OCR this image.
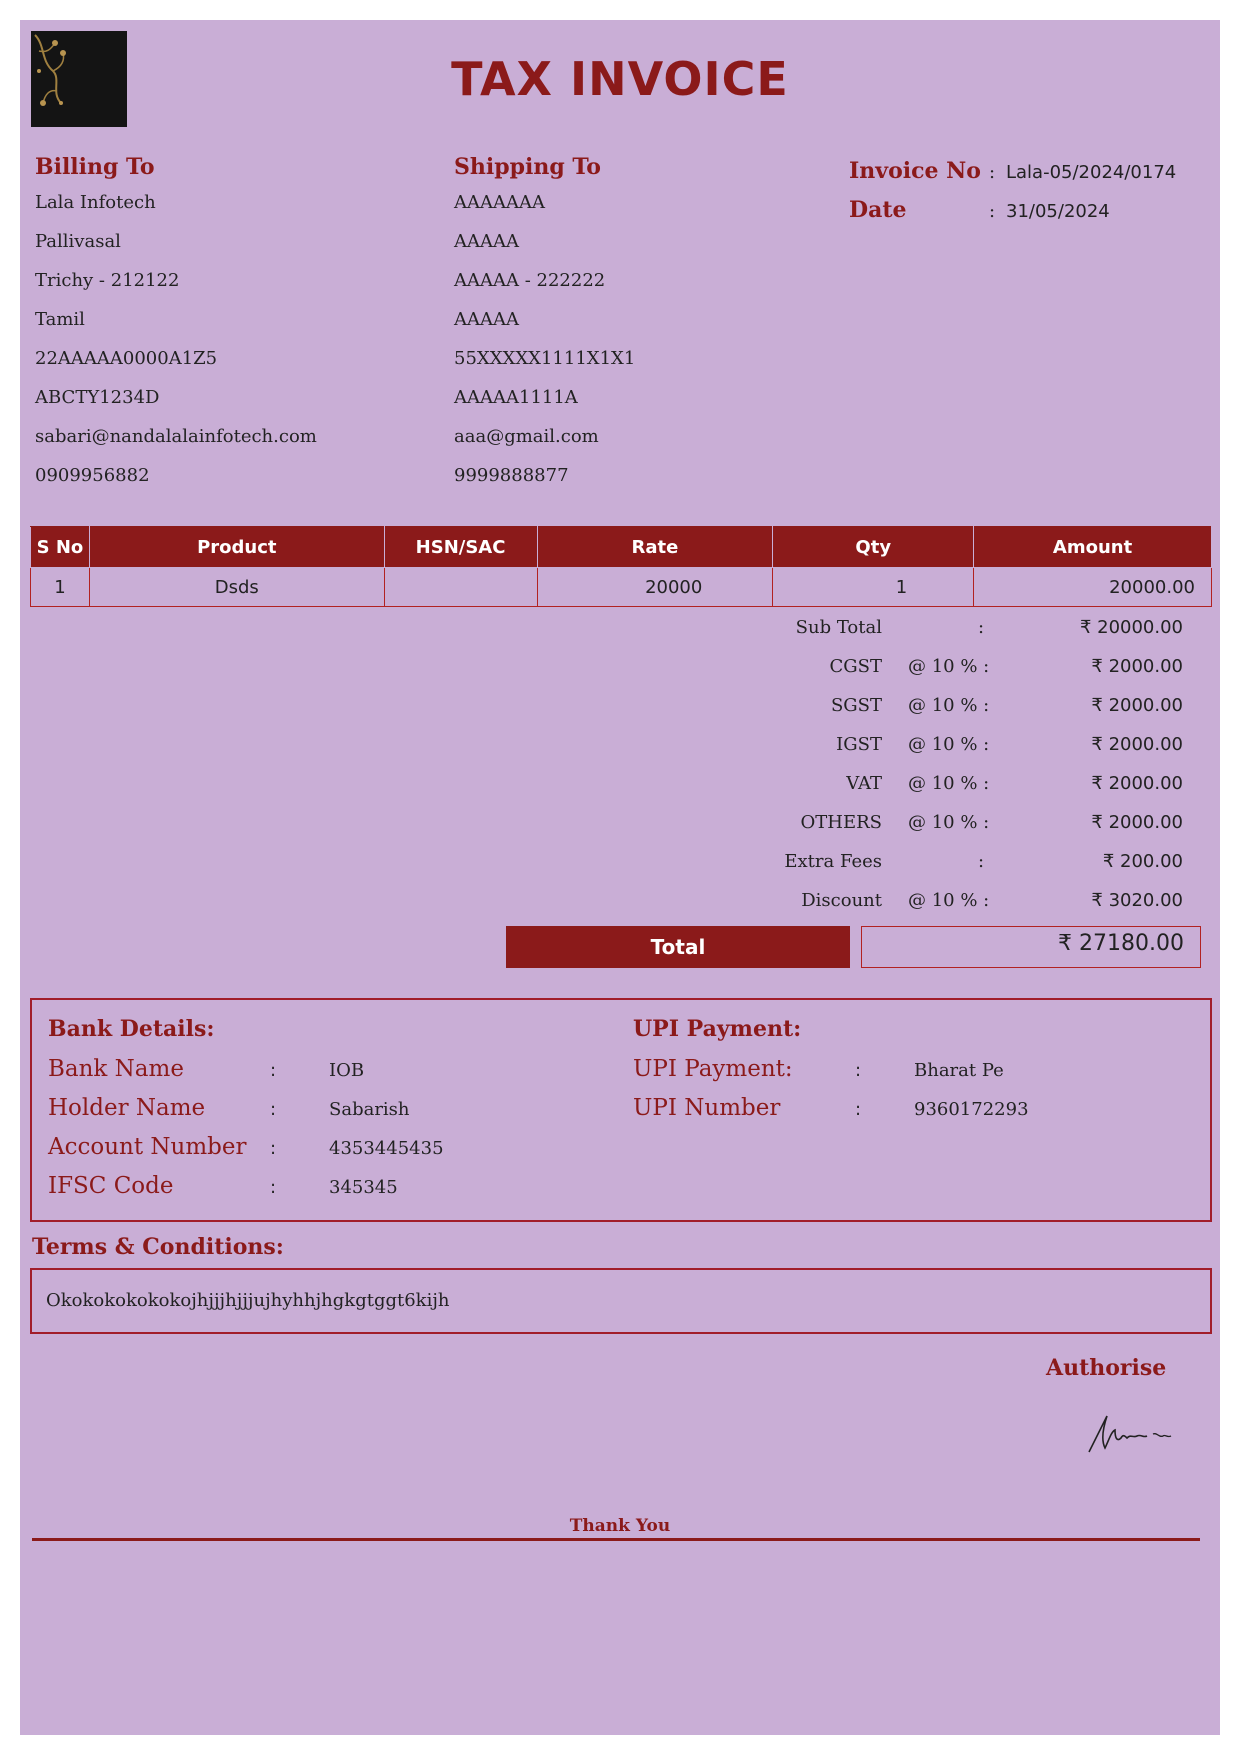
TAX INVOICE
Billing To
Lala Infotech
Pallivasal
Trichy - 212122
Tamil
22AAAAA0000A1Z5
ABCTY1234D
sabari@nandalalainfotech.com
0909956882
Shipping To
AAAAAAA
AAAAA
AAAAA - 222222
AAAAA
55XXXXX1111X1X1
AAAAA1111A
aaa@gmail.com
9999888877
Invoice No : Lala-05/2024/0174
Date	: 31/05/2024
S No	Product	HSN/SAC	Rate	Qty	Amount
1	Dsds		20000	1	20000.00
Sub Total	:	₹ 20000.00
CGST @ 10 % :	₹ 2000.00
SGST @ 10 % :	₹ 2000.00
IGST @ 10 % :	₹ 2000.00
VAT @ 10 % :	₹ 2000.00
OTHERS @ 10 % :	₹ 2000.00
Extra Fees	:	₹ 200.00
Discount @ 10 % :	₹ 3020.00
Total	₹ 27180.00
Bank Details:	UPI Payment:
Bank Name	:	IOB
Holder Name	:	Sabarish
Account Number :	4353445435
IFSC Code	:	345345
UPI Payment:	:	Bharat Pe
UPI Number	:	9360172293
Terms & Conditions:
Okokokokokokojhjjjhjjjujhyhhjhgkgtggt6kijh
Authorise
Thank You
